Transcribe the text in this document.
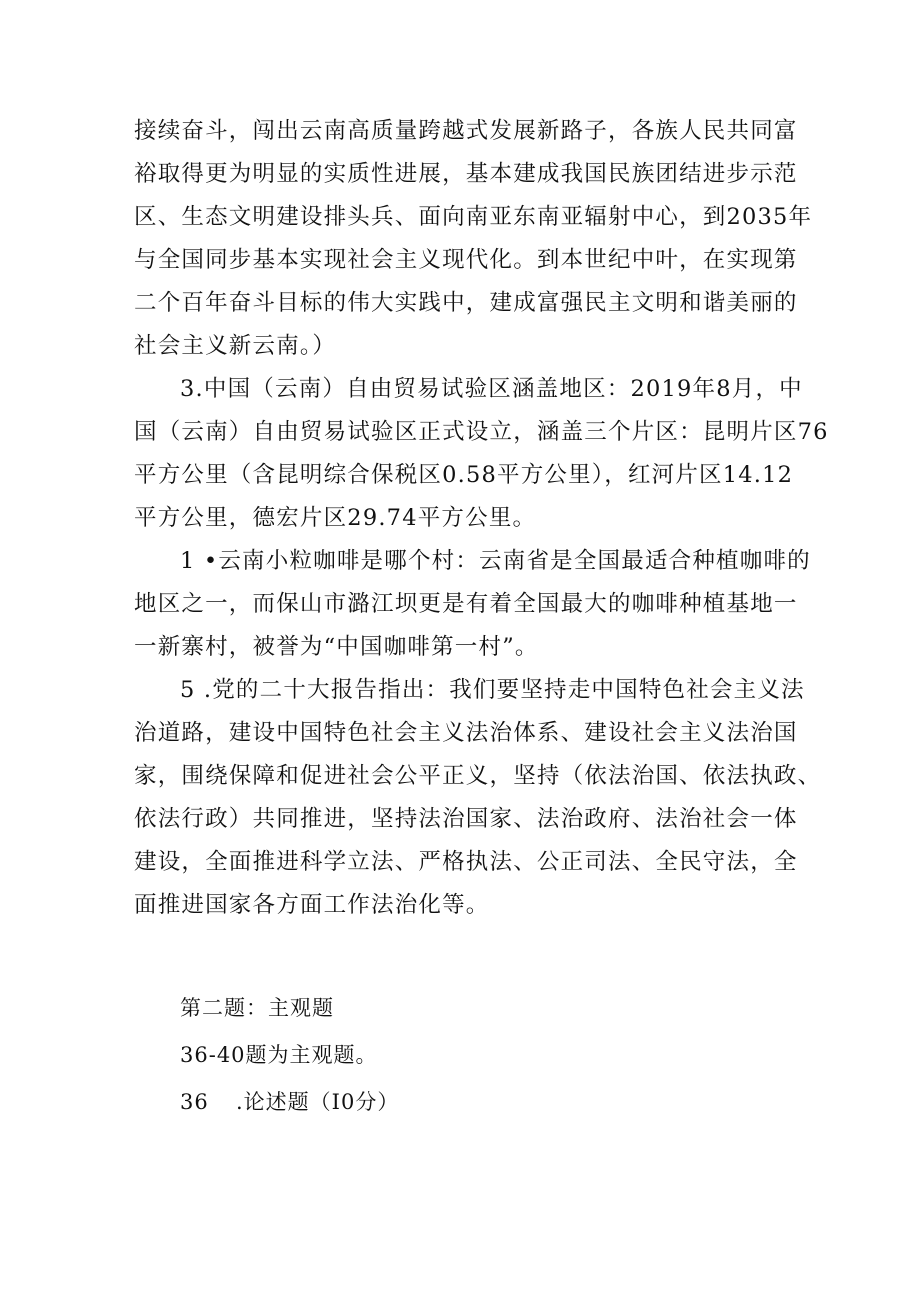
接续奋斗，闯出云南高质量跨越式发展新路子，各族人民共同富
裕取得更为明显的实质性进展，基本建成我国民族团结进步示范
区、生态文明建设排头兵、面向南亚东南亚辐射中心，到2035年
与全国同步基本实现社会主义现代化。到本世纪中叶，在实现第
二个百年奋斗目标的伟大实践中，建成富强民主文明和谐美丽的
社会主义新云南。）
3.中国（云南）自由贸易试验区涵盖地区：2019年8月，中
国（云南）自由贸易试验区正式设立，涵盖三个片区：昆明片区76
平方公里（含昆明综合保税区0.58平方公里），红河片区14.12
平方公里，德宏片区29.74平方公里。
1 •云南小粒咖啡是哪个村：云南省是全国最适合种植咖啡的
地区之一，而保山市潞江坝更是有着全国最大的咖啡种植基地一
一新寨村，被誉为“中国咖啡第一村”。
5 .党的二十大报告指出：我们要坚持走中国特色社会主义法
治道路，建设中国特色社会主义法治体系、建设社会主义法治国
家，围绕保障和促进社会公平正义，坚持（依法治国、依法执政、
依法行政）共同推进，坚持法治国家、法治政府、法治社会一体
建设，全面推进科学立法、严格执法、公正司法、全民守法，全
面推进国家各方面工作法治化等。

第二题：主观题

36-40题为主观题。

36 .论述题（I0分）
